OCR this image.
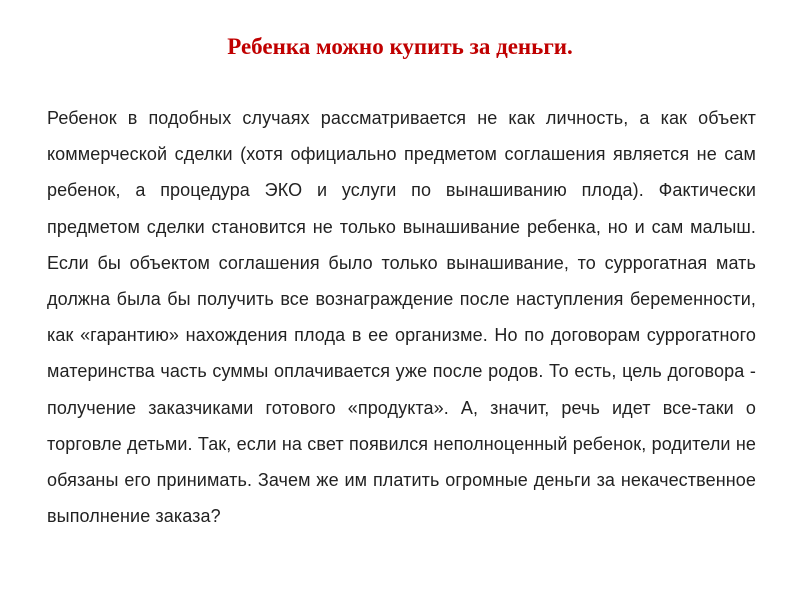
Ребенка можно купить за деньги.

Ребенок в подобных случаях рассматривается не как личность, а как объект коммерческой сделки (хотя официально предметом соглашения является не сам ребенок, а процедура ЭКО и услуги по вынашиванию плода). Фактически предметом сделки становится не только вынашивание ребенка, но и сам малыш. Если бы объектом соглашения было только вынашивание, то суррогатная мать должна была бы получить все вознаграждение после наступления беременности, как «гарантию» нахождения плода в ее организме. Но по договорам суррогатного материнства часть суммы оплачивается уже после родов. То есть, цель договора - получение заказчиками готового «продукта». А, значит, речь идет все-таки о торговле детьми. Так, если на свет появился неполноценный ребенок, родители не обязаны его принимать. Зачем же им платить огромные деньги за некачественное выполнение заказа?
